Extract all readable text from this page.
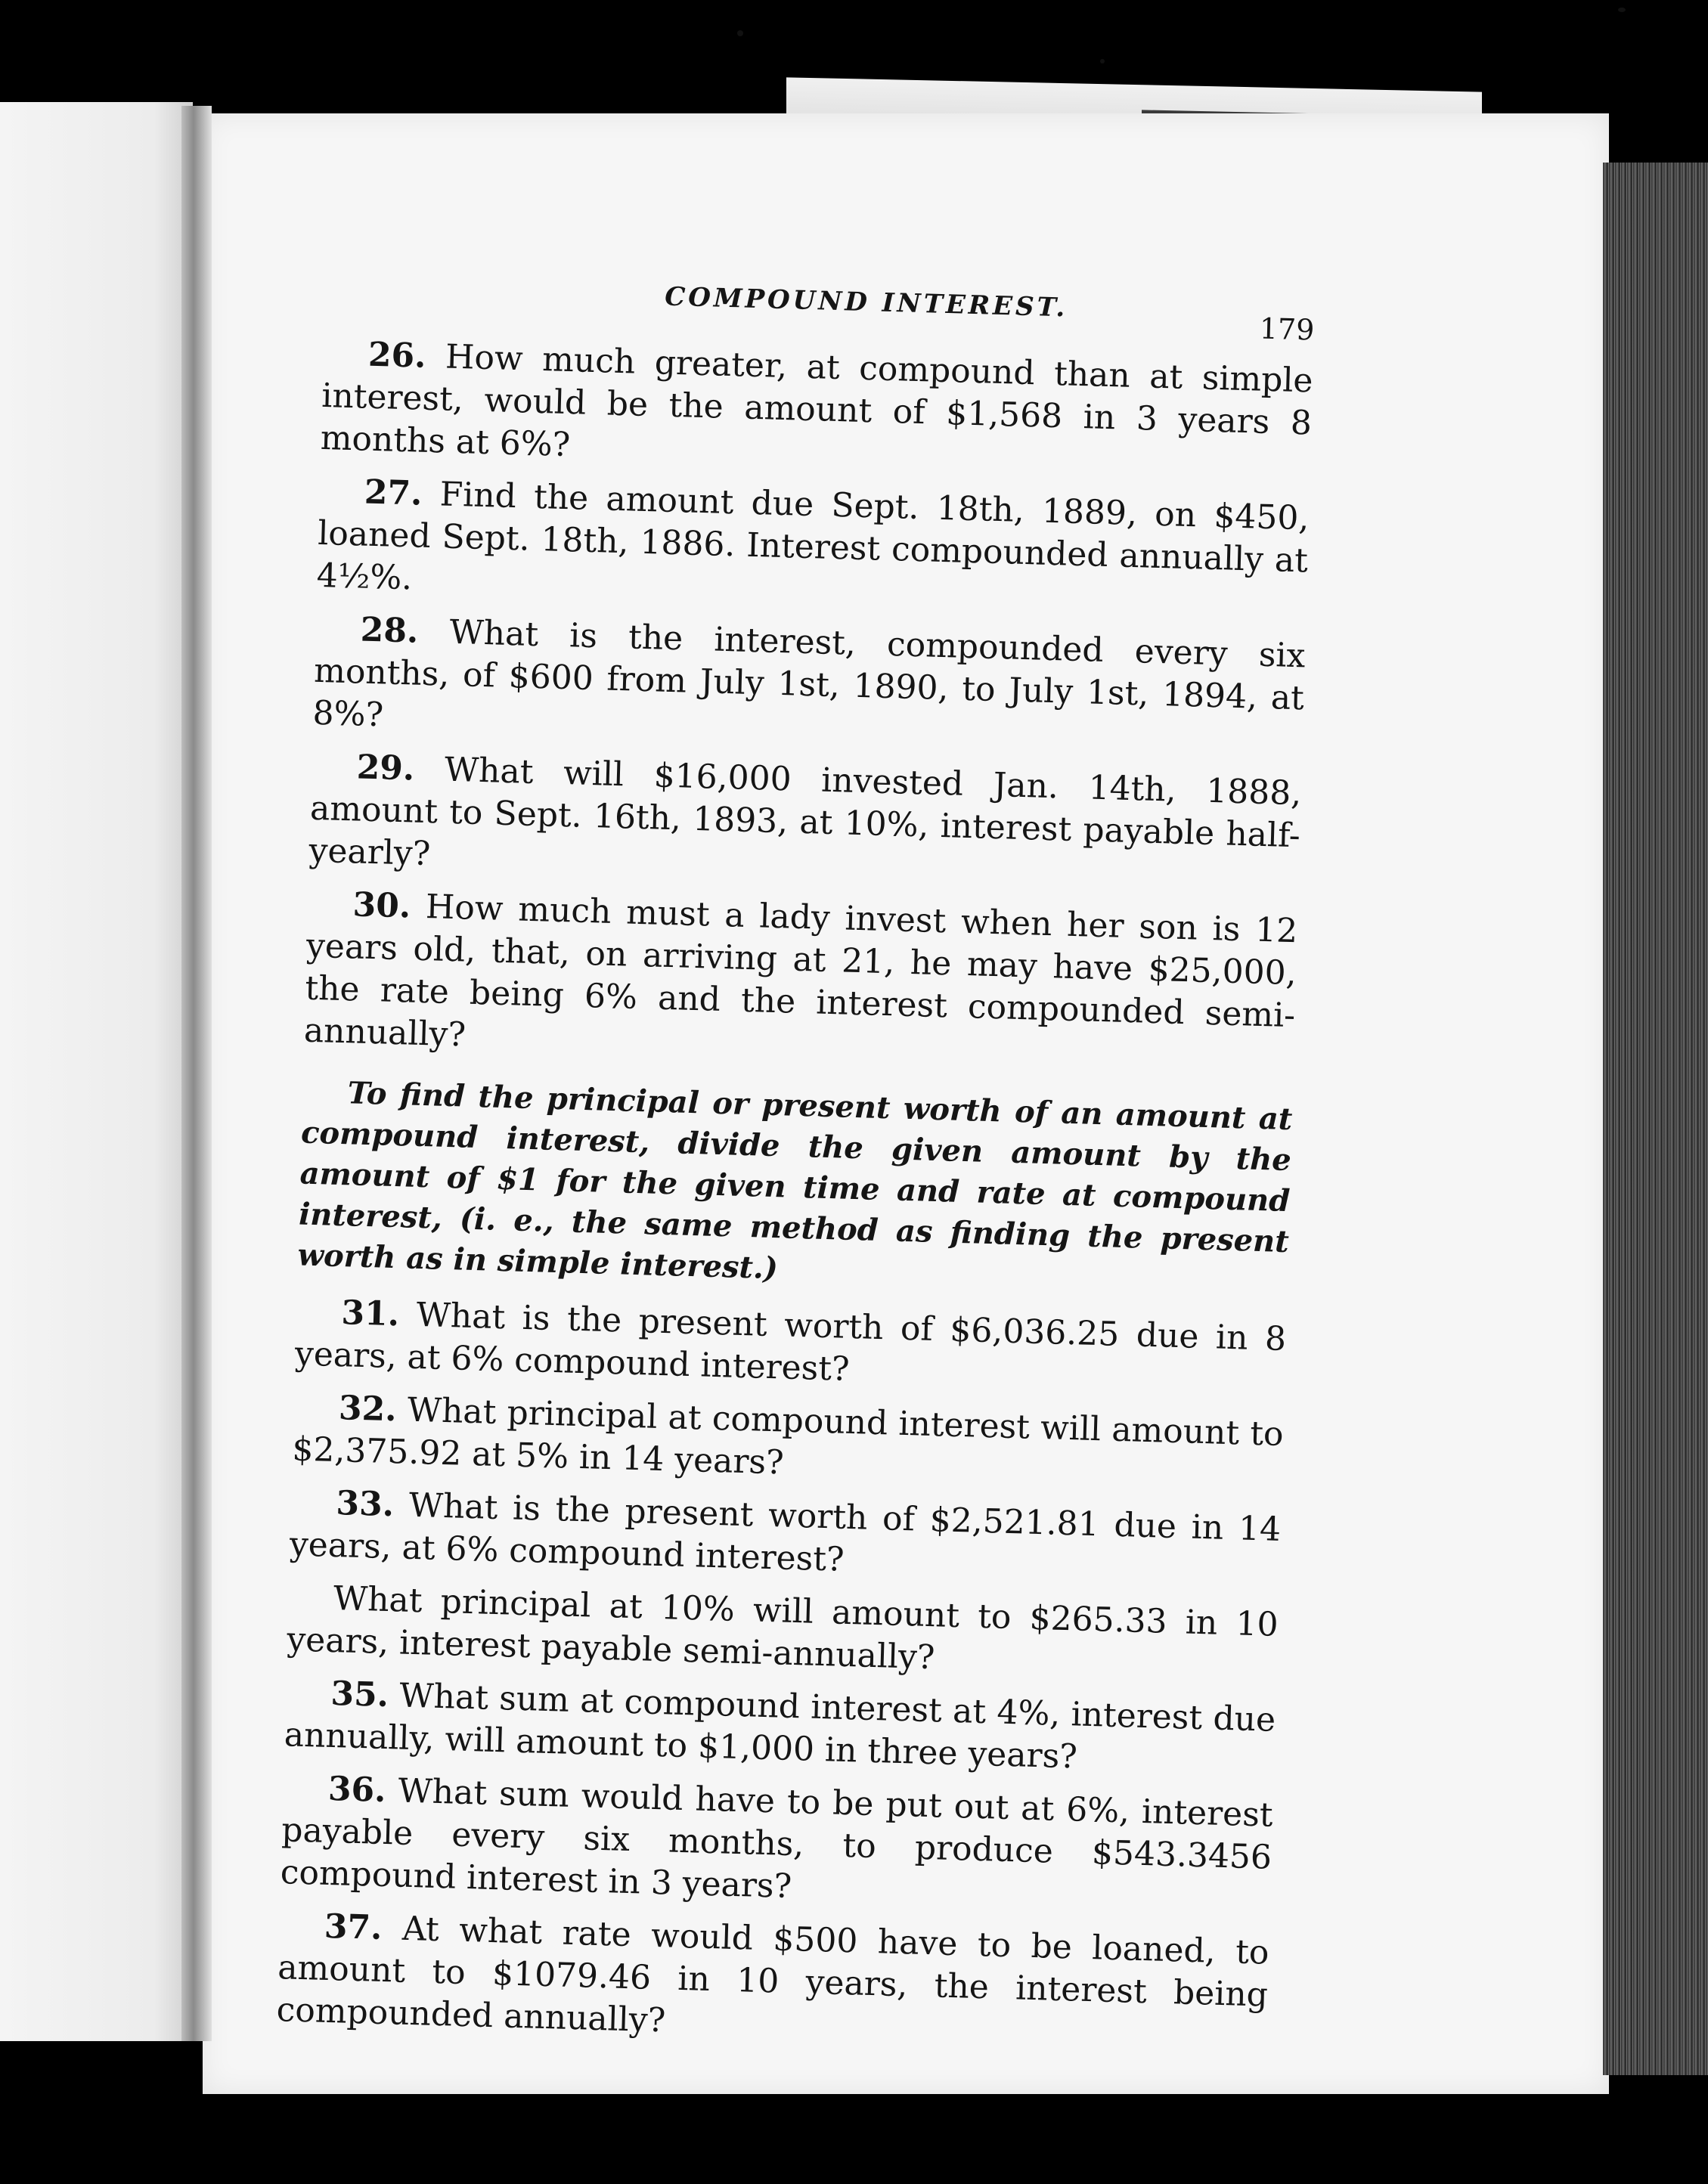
COMPOUND INTEREST.
179

26. How much greater, at compound than at simple interest, would be the amount of $1,568 in 3 years 8 months at 6%?

27. Find the amount due Sept. 18th, 1889, on $450, loaned Sept. 18th, 1886. Interest compounded annually at 4½%.

28. What is the interest, compounded every six months, of $600 from July 1st, 1890, to July 1st, 1894, at 8%?

29. What will $16,000 invested Jan. 14th, 1888, amount to Sept. 16th, 1893, at 10%, interest payable half-yearly?

30. How much must a lady invest when her son is 12 years old, that, on arriving at 21, he may have $25,000, the rate being 6% and the interest compounded semi-annually?

To find the principal or present worth of an amount at compound interest, divide the given amount by the amount of $1 for the given time and rate at compound interest, (i. e., the same method as finding the present worth as in simple interest.)

31. What is the present worth of $6,036.25 due in 8 years, at 6% compound interest?

32. What principal at compound interest will amount to $2,375.92 at 5% in 14 years?

33. What is the present worth of $2,521.81 due in 14 years, at 6% compound interest?

What principal at 10% will amount to $265.33 in 10 years, interest payable semi-annually?

35. What sum at compound interest at 4%, interest due annually, will amount to $1,000 in three years?

36. What sum would have to be put out at 6%, interest payable every six months, to produce $543.3456 compound interest in 3 years?

37. At what rate would $500 have to be loaned, to amount to $1079.46 in 10 years, the interest being compounded annually?
